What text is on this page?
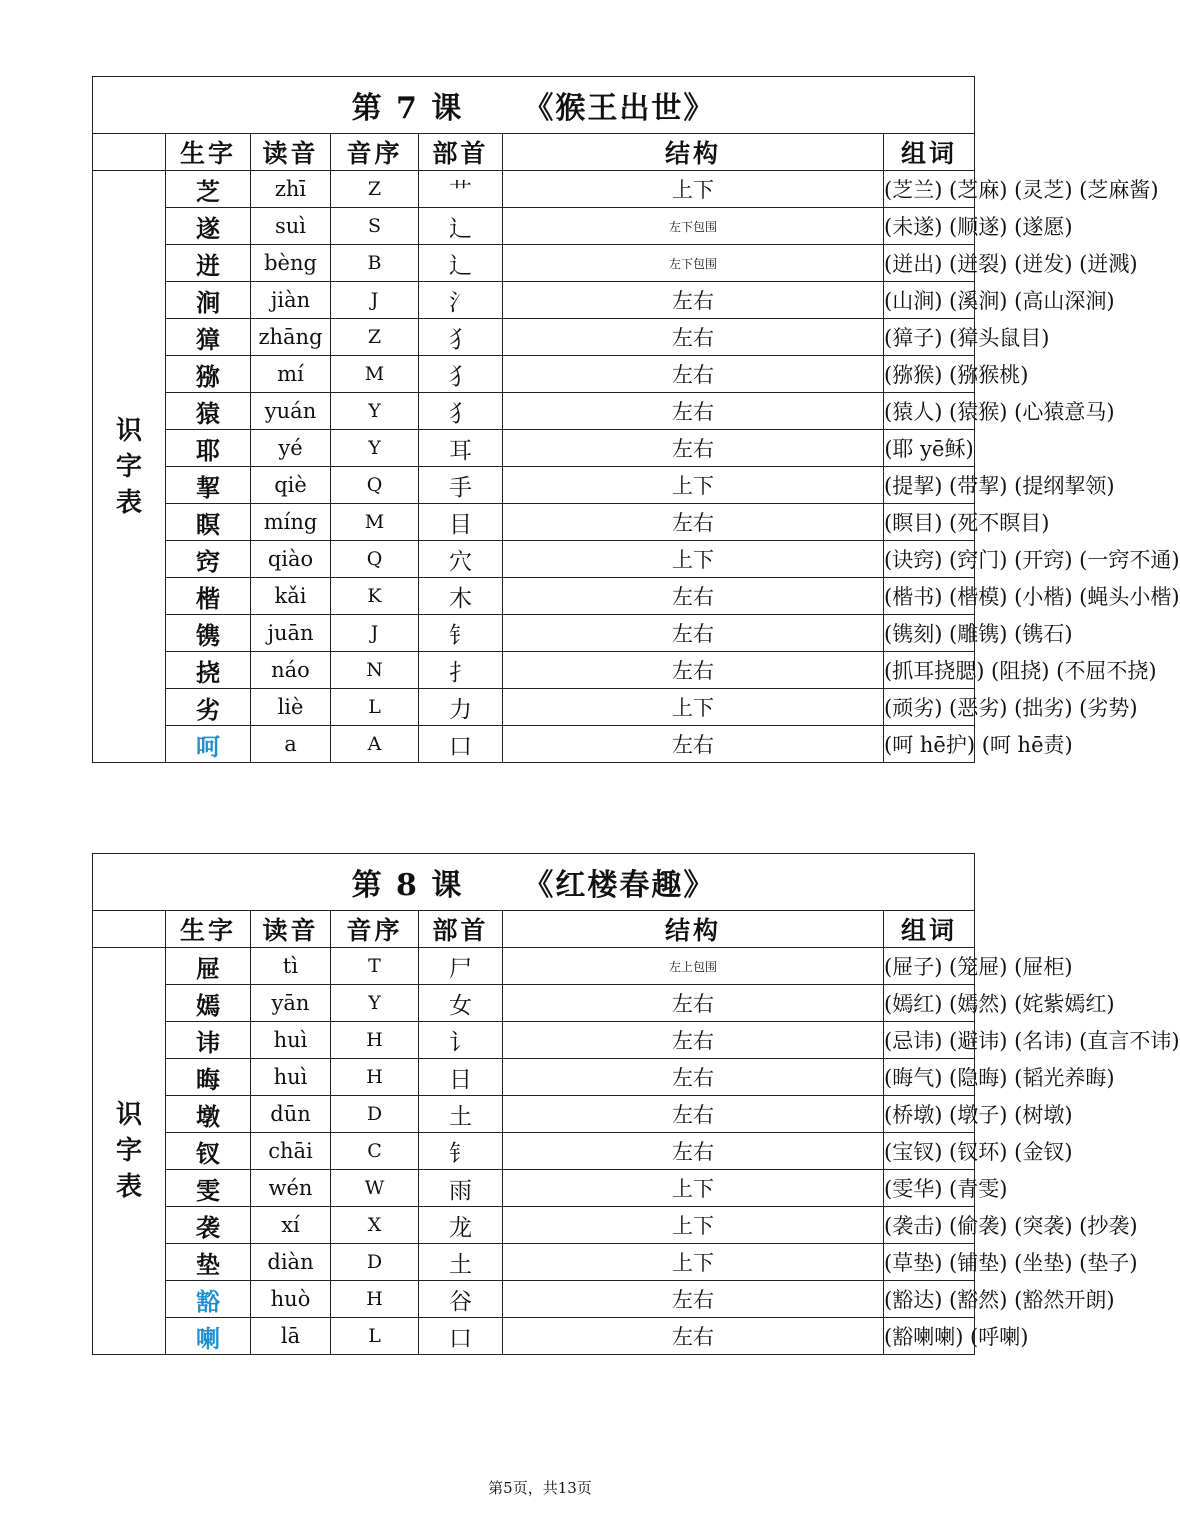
第 7 课 《猴王出世》						
	生字	读音	音序	部首	结构	组词

识
字
表	芝	zhī	Z	艹	上下	(芝兰) (芝麻) (灵芝) (芝麻酱)
	遂	suì	S	辶	左下包围	(未遂) (顺遂) (遂愿)
	迸	bèng	B	辶	左下包围	(迸出) (迸裂) (迸发) (迸溅)
	涧	jiàn	J	氵	左右	(山涧) (溪涧) (高山深涧)
	獐	zhāng	Z	犭	左右	(獐子) (獐头鼠目)
	猕	mí	M	犭	左右	(猕猴) (猕猴桃)
	猿	yuán	Y	犭	左右	(猿人) (猿猴) (心猿意马)
	耶	yé	Y	耳	左右	(耶 yē稣)
	挈	qiè	Q	手	上下	(提挈) (带挈) (提纲挈领)
	瞑	míng	M	目	左右	(瞑目) (死不瞑目)
	窍	qiào	Q	穴	上下	(诀窍) (窍门) (开窍) (一窍不通)
	楷	kǎi	K	木	左右	(楷书) (楷模) (小楷) (蝇头小楷)
	镌	juān	J	钅	左右	(镌刻) (雕镌) (镌石)
	挠	náo	N	扌	左右	(抓耳挠腮) (阻挠) (不屈不挠)
	劣	liè	L	力	上下	(顽劣) (恶劣) (拙劣) (劣势)
	呵	a	A	口	左右	(呵 hē护) (呵 hē责)
第 8 课 《红楼春趣》						
	生字	读音	音序	部首	结构	组词

识
字
表	屉	tì	T	尸	左上包围	(屉子) (笼屉) (屉柜)
	嫣	yān	Y	女	左右	(嫣红) (嫣然) (姹紫嫣红)
	讳	huì	H	讠	左右	(忌讳) (避讳) (名讳) (直言不讳)
	晦	huì	H	日	左右	(晦气) (隐晦) (韬光养晦)
	墩	dūn	D	土	左右	(桥墩) (墩子) (树墩)
	钗	chāi	C	钅	左右	(宝钗) (钗环) (金钗)
	雯	wén	W	雨	上下	(雯华) (青雯)
	袭	xí	X	龙	上下	(袭击) (偷袭) (突袭) (抄袭)
	垫	diàn	D	土	上下	(草垫) (铺垫) (坐垫) (垫子)
	豁	huò	H	谷	左右	(豁达) (豁然) (豁然开朗)
	喇	lā	L	口	左右	(豁喇喇) (呼喇)
第5页，共13页
